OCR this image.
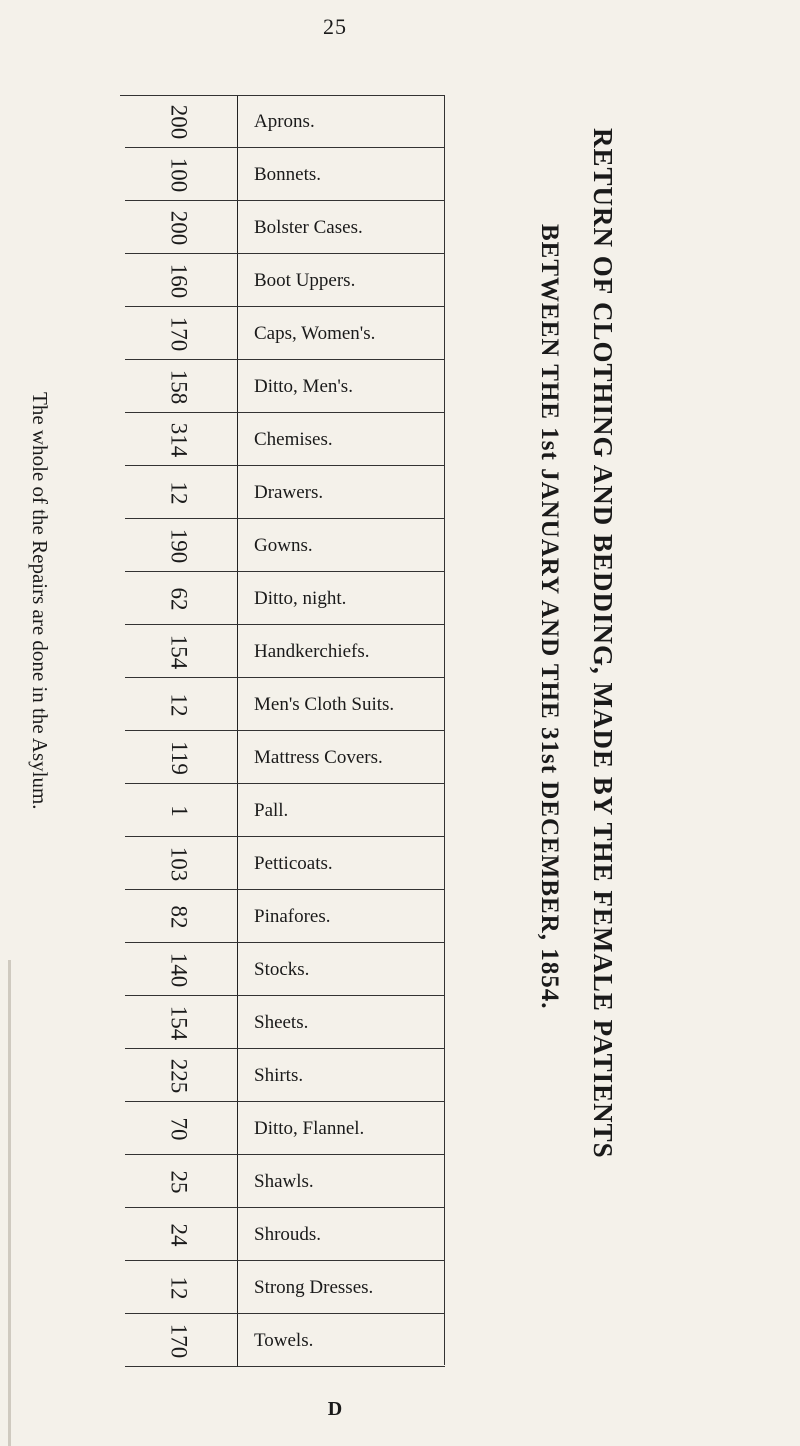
25
200	Aprons.
100	Bonnets.
200	Bolster Cases.
160	Boot Uppers.
170	Caps, Women's.
158	Ditto, Men's.
314	Chemises.
12	Drawers.
190	Gowns.
62	Ditto, night.
154	Handkerchiefs.
12	Men's Cloth Suits.
119	Mattress Covers.
1	Pall.
103	Petticoats.
82	Pinafores.
140	Stocks.
154	Sheets.
225	Shirts.
70	Ditto, Flannel.
25	Shawls.
24	Shrouds.
12	Strong Dresses.
170	Towels.
RETURN OF CLOTHING AND BEDDING, MADE BY THE FEMALE PATIENTS
BETWEEN THE 1st JANUARY AND THE 31st DECEMBER, 1854.
The whole of the Repairs are done in the Asylum.
D
